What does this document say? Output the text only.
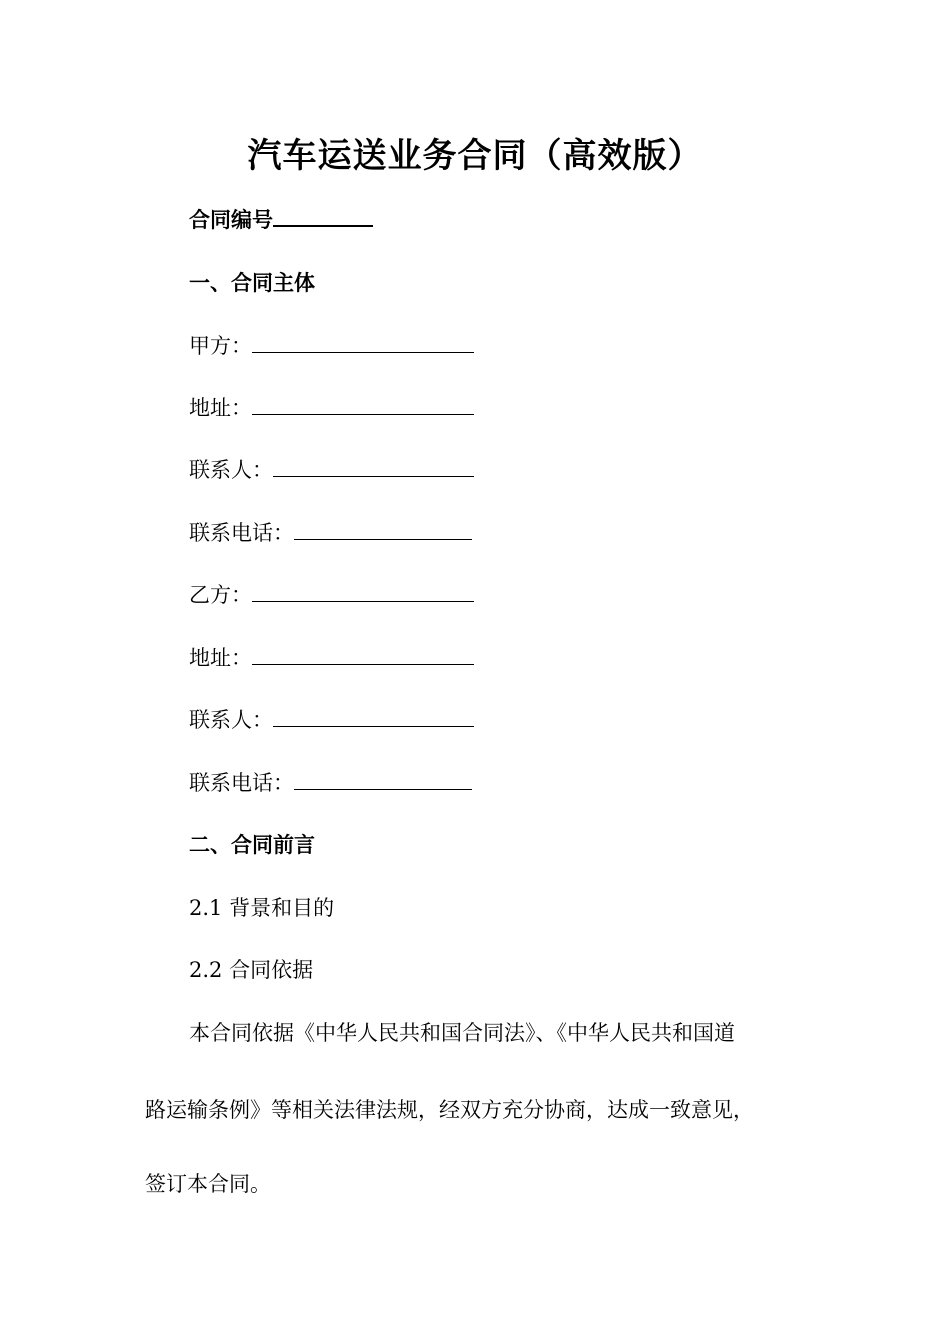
汽车运送业务合同（高效版）
合同编号
一、合同主体
甲方：
地址：
联系人：
联系电话：
乙方：
地址：
联系人：
联系电话：
二、合同前言
2.1 背景和目的
2.2 合同依据
本合同依据《中华人民共和国合同法》、《中华人民共和国道
路运输条例》等相关法律法规，经双方充分协商，达成一致意见，
签订本合同。
